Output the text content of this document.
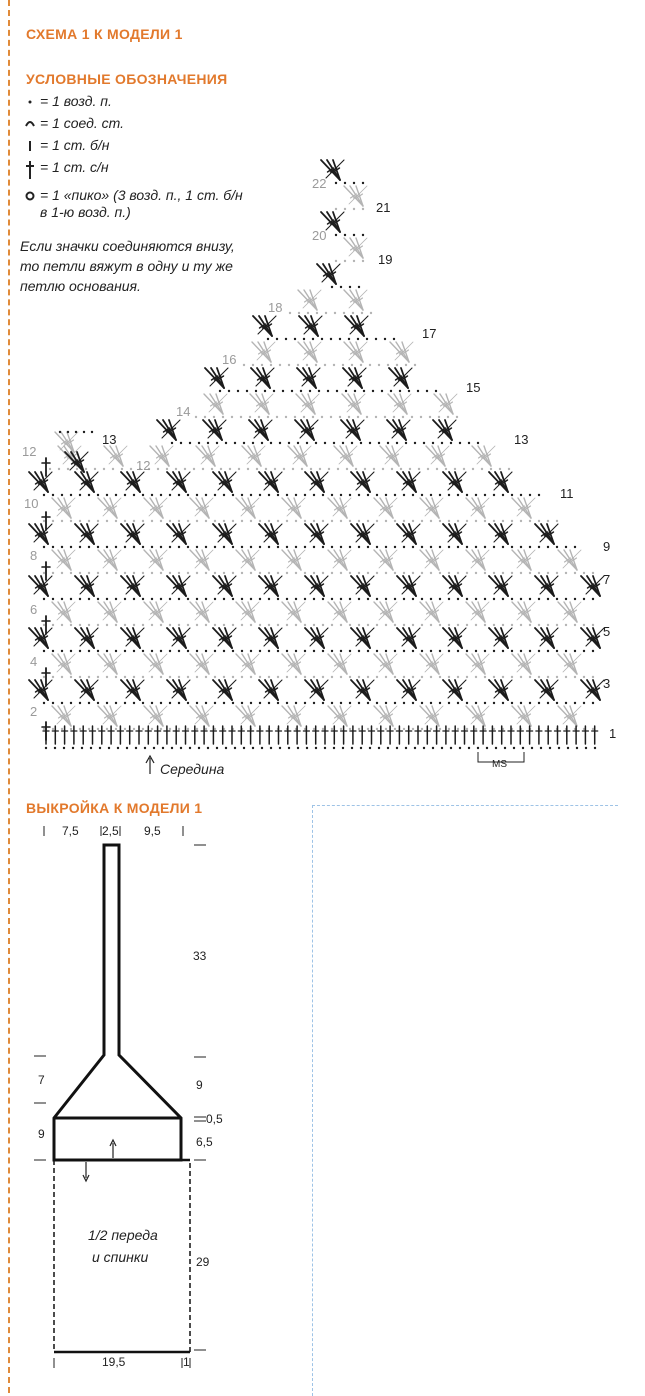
СХЕМА 1 К МОДЕЛИ 1
УСЛОВНЫЕ ОБОЗНАЧЕНИЯ
ВЫКРОЙКА К МОДЕЛИ 1
= 1 возд. п.
= 1 соед. ст.
= 1 ст. б/н
= 1 ст. с/н
= 1 «пико» (3 возд. п., 1 ст. б/н
в 1-ю возд. п.)
Если значки соединяются внизу,
то петли вяжут в одну и ту же
петлю основания.
1
3
5
7
9
11
13
15
17
19
21
2
4
6
8
10
12
13
12
14
16
18
20
22
Середина	MS
7,5 2,5 9,5
33
9
0,5
6,5
29
7
9
1/2 переда
и спинки
19,5	1
